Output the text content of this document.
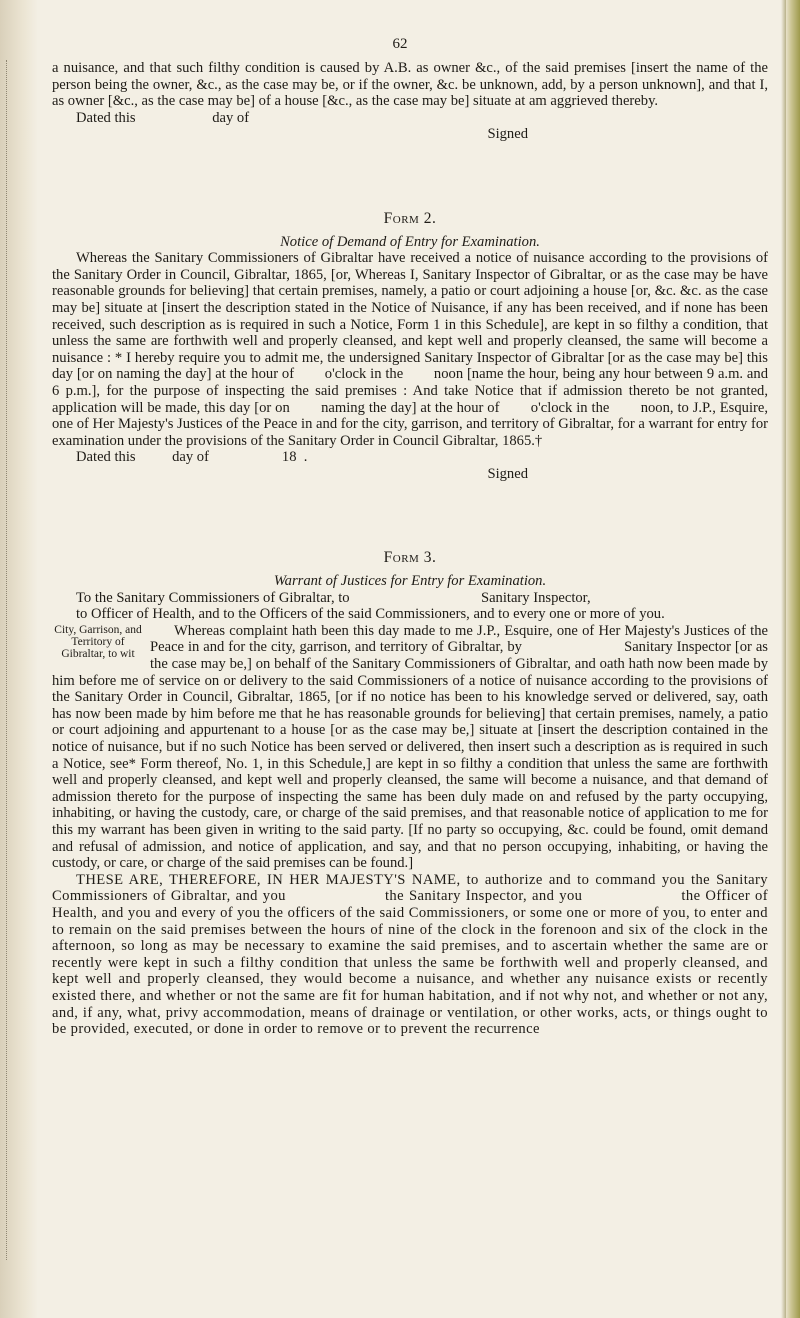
62

a nuisance, and that such filthy condition is caused by A.B. as owner &c., of the said premises [insert the name of the person being the owner, &c., as the case may be, or if the owner, &c. be unknown, add, by a person unknown], and that I, as owner [&c., as the case may be] of a house [&c., as the case may be] situate at am aggrieved thereby.

Dated this                     day of

Signed

Form 2.

Notice of Demand of Entry for Examination.

Whereas the Sanitary Commissioners of Gibraltar have received a notice of nuisance according to the provisions of the Sanitary Order in Council, Gibraltar, 1865, [or, Whereas I, Sanitary Inspector of Gibraltar, or as the case may be have reasonable grounds for believing] that certain premises, namely, a patio or court adjoining a house [or, &c. &c. as the case may be] situate at [insert the description stated in the Notice of Nuisance, if any has been received, and if none has been received, such description as is required in such a Notice, Form 1 in this Schedule], are kept in so filthy a condition, that unless the same are forthwith well and properly cleansed, and kept well and properly cleansed, the same will become a nuisance : * I hereby require you to admit me, the undersigned Sanitary Inspector of Gibraltar [or as the case may be] this day [or on naming the day] at the hour of        o'clock in the        noon [name the hour, being any hour between 9 a.m. and 6 p.m.], for the purpose of inspecting the said premises : And take Notice that if admission thereto be not granted, application will be made, this day [or on        naming the day] at the hour of        o'clock in the        noon, to J.P., Esquire, one of Her Majesty's Justices of the Peace in and for the city, garrison, and territory of Gibraltar, for a warrant for entry for examination under the provisions of the Sanitary Order in Council Gibraltar, 1865.†

Dated this          day of                    18  .

Signed

Form 3.

Warrant of Justices for Entry for Examination.

To the Sanitary Commissioners of Gibraltar, to                                    Sanitary Inspector,

to Officer of Health, and to the Officers of the said Commissioners, and to every one or more of you.

City, Garrison, and Territory of Gibraltar, to wit

Whereas complaint hath been this day made to me J.P., Esquire, one of Her Majesty's Justices of the Peace in and for the city, garrison, and territory of Gibraltar, by                          Sanitary Inspector [or as the case may be,] on behalf of the Sanitary Commissioners of Gibraltar, and oath hath now been made by him before me of service on or delivery to the said Commissioners of a notice of nuisance according to the provisions of the Sanitary Order in Council, Gibraltar, 1865, [or if no notice has been to his knowledge served or delivered, say, oath has now been made by him before me that he has reasonable grounds for believing] that certain premises, namely, a patio or court adjoining and appurtenant to a house [or as the case may be,] situate at [insert the description contained in the notice of nuisance, but if no such Notice has been served or delivered, then insert such a description as is required in such a Notice, see* Form thereof, No. 1, in this Schedule,] are kept in so filthy a condition that unless the same are forthwith well and properly cleansed, and kept well and properly cleansed, the same will become a nuisance, and that demand of admission thereto for the purpose of inspecting the same has been duly made on and refused by the party occupying, inhabiting, or having the custody, care, or charge of the said premises, and that reasonable notice of application to me for this my warrant has been given in writing to the said party. [If no party so occupying, &c. could be found, omit demand and refusal of admission, and notice of application, and say, and that no person occupying, inhabiting, or having the custody, or care, or charge of the said premises can be found.]

THESE ARE, THEREFORE, IN HER MAJESTY'S NAME, to authorize and to command you the Sanitary Commissioners of Gibraltar, and you                    the Sanitary Inspector, and you                    the Officer of Health, and you and every of you the officers of the said Commissioners, or some one or more of you, to enter and to remain on the said premises between the hours of nine of the clock in the forenoon and six of the clock in the afternoon, so long as may be necessary to examine the said premises, and to ascertain whether the same are or recently were kept in such a filthy condition that unless the same be forthwith well and properly cleansed, and kept well and properly cleansed, they would become a nuisance, and whether any nuisance exists or recently existed there, and whether or not the same are fit for human habitation, and if not why not, and whether or not any, and, if any, what, privy accommodation, means of drainage or ventilation, or other works, acts, or things ought to be provided, executed, or done in order to remove or to prevent the recurrence
